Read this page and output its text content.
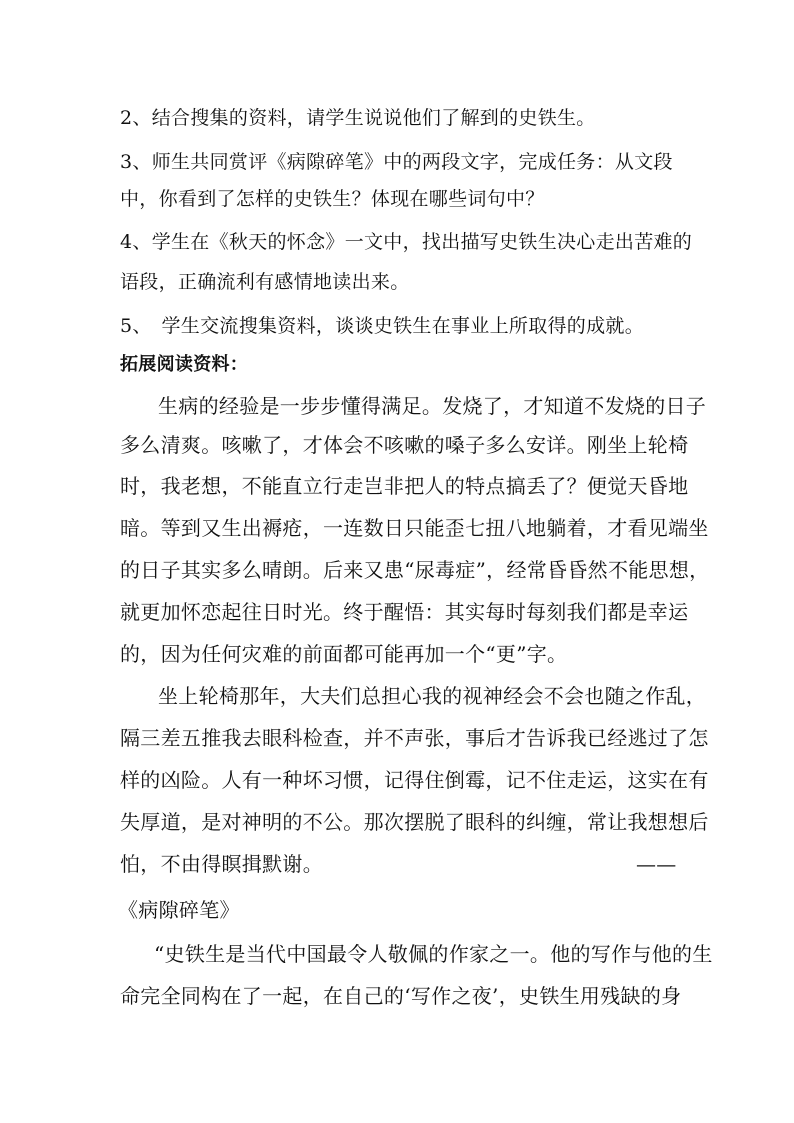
2、结合搜集的资料，请学生说说他们了解到的史铁生。
3、师生共同赏评《病隙碎笔》中的两段文字，完成任务：从文段
中，你看到了怎样的史铁生？体现在哪些词句中？
4、学生在《秋天的怀念》一文中，找出描写史铁生决心走出苦难的
语段，正确流利有感情地读出来。
5、　学生交流搜集资料，谈谈史铁生在事业上所取得的成就。
拓展阅读资料：
生病的经验是一步步懂得满足。发烧了，才知道不发烧的日子
多么清爽。咳嗽了，才体会不咳嗽的嗓子多么安详。刚坐上轮椅
时，我老想，不能直立行走岂非把人的特点搞丢了？便觉天昏地
暗。等到又生出褥疮，一连数日只能歪七扭八地躺着，才看见端坐
的日子其实多么晴朗。后来又患“尿毒症”，经常昏昏然不能思想，
就更加怀恋起往日时光。终于醒悟：其实每时每刻我们都是幸运
的，因为任何灾难的前面都可能再加一个“更”字。
坐上轮椅那年，大夫们总担心我的视神经会不会也随之作乱，
隔三差五推我去眼科检查，并不声张，事后才告诉我已经逃过了怎
样的凶险。人有一种坏习惯，记得住倒霉，记不住走运，这实在有
失厚道，是对神明的不公。那次摆脱了眼科的纠缠，常让我想想后
怕，不由得瞑揖默谢。	——
《病隙碎笔》
“史铁生是当代中国最令人敬佩的作家之一。他的写作与他的生
命完全同构在了一起，在自己的‘写作之夜’，史铁生用残缺的身
